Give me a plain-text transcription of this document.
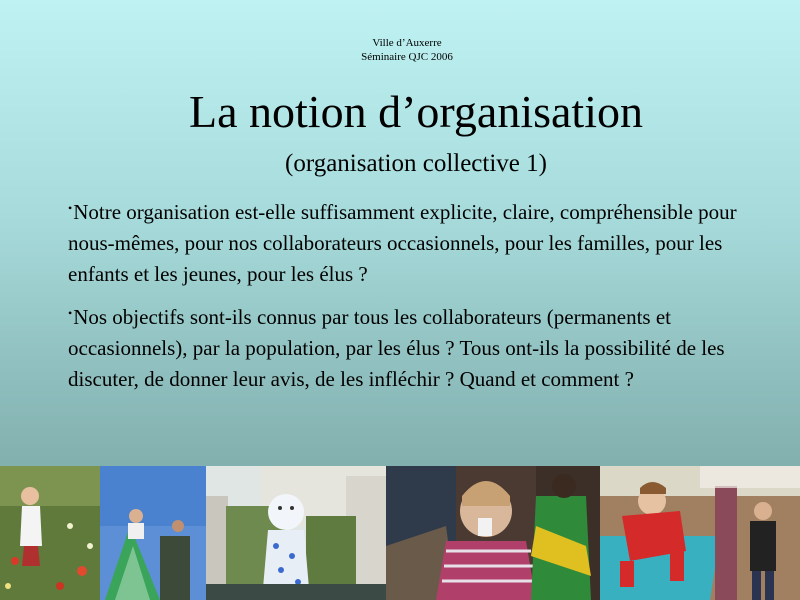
Ville d’Auxerre
Séminaire QJC 2006
La notion d’organisation
(organisation collective 1)
•Notre organisation est-elle suffisamment explicite, claire, compréhensible pour nous-mêmes, pour nos collaborateurs occasionnels, pour les familles, pour les enfants et les jeunes, pour les élus ?
•Nos objectifs sont-ils connus par tous les collaborateurs (permanents et occasionnels), par la population, par les élus ? Tous ont-ils la possibilité de les discuter, de donner leur avis, de les infléchir ? Quand et comment ?
